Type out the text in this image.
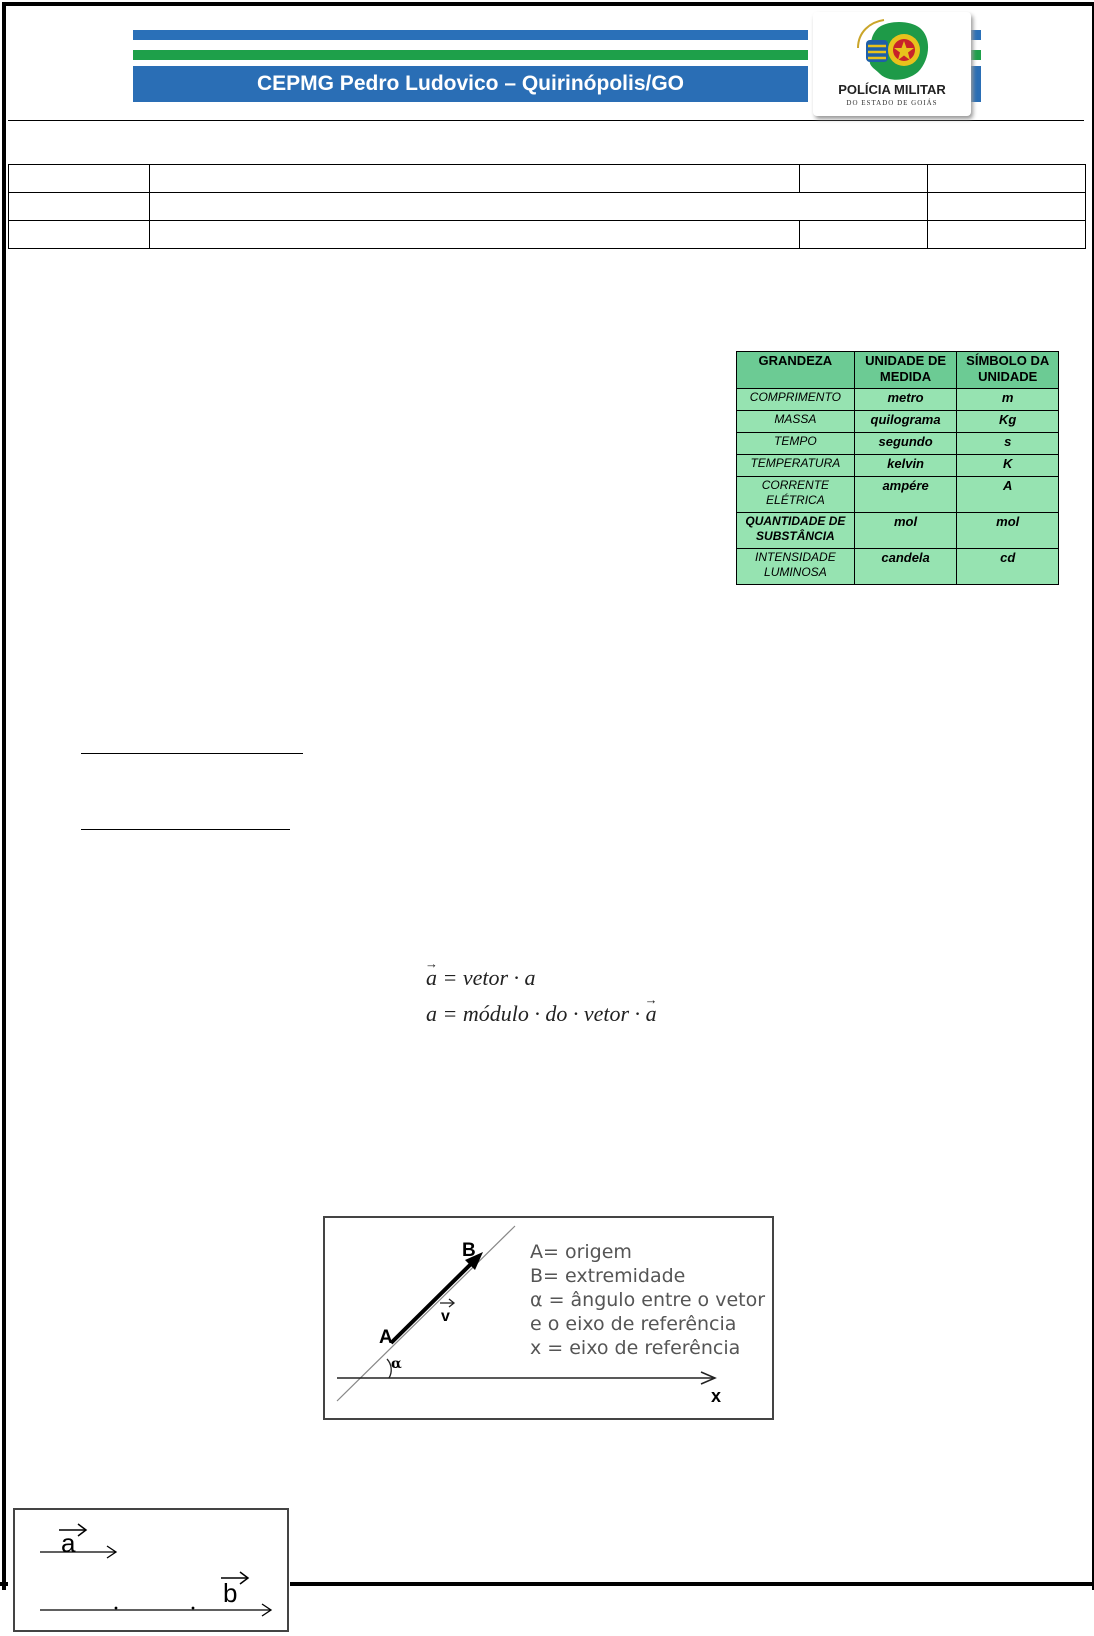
CEPMG Pedro Ludovico – Quirinópolis/GO	POLÍCIA MILITAR
DO ESTADO DE GOIÁS

GRANDEZA	UNIDADE DE MEDIDA	SÍMBOLO DA UNIDADE
COMPRIMENTO	metro	m
MASSA	quilograma	Kg
TEMPO	segundo	s
TEMPERATURA	kelvin	K
CORRENTE ELÉTRICA	ampére	A
QUANTIDADE DE SUBSTÂNCIA	mol	mol
INTENSIDADE LUMINOSA	candela	cd
→ a = vetor · a
a = módulo · do · vetor · → a
A
B
v
α
x
A= origem
B= extremidade
α = ângulo entre o vetor
e o eixo de referência
x = eixo de referência
a
b
